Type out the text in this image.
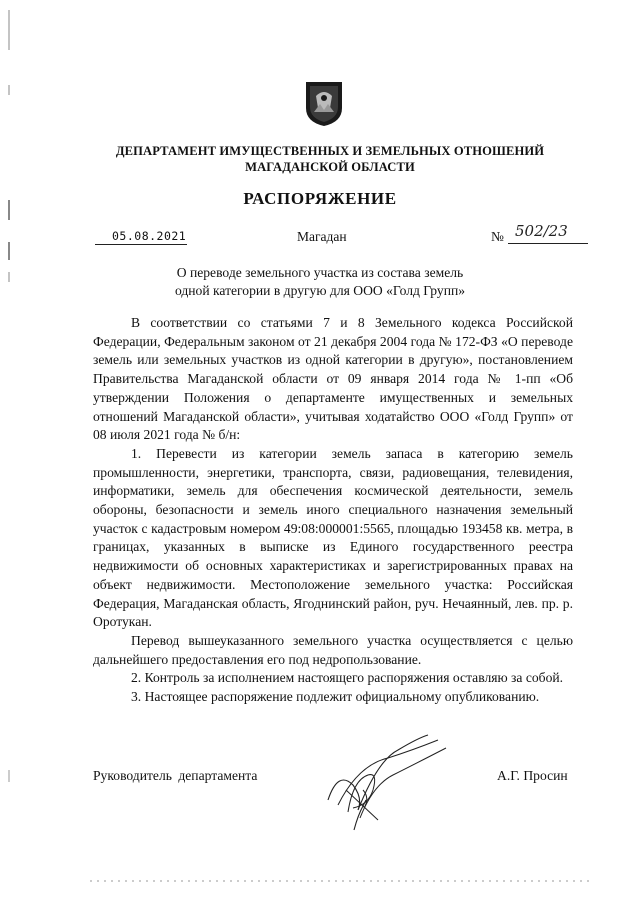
ДЕПАРТАМЕНТ ИМУЩЕСТВЕННЫХ И ЗЕМЕЛЬНЫХ ОТНОШЕНИЙ
МАГАДАНСКОЙ ОБЛАСТИ
РАСПОРЯЖЕНИЕ
05.08.2021	Магадан	№ 502/23
О переводе земельного участка из состава земель
одной категории в другую для ООО «Голд Групп»

В соответствии со статьями 7 и 8 Земельного кодекса Российской Федерации, Федеральным законом от 21 декабря 2004 года № 172-ФЗ «О переводе земель или земельных участков из одной категории в другую», постановлением Правительства Магаданской области от 09 января 2014 года № 1-пп «Об утверждении Положения о департаменте имущественных и земельных отношений Магаданской области», учитывая ходатайство ООО «Голд Групп» от 08 июля 2021 года № б/н:

1. Перевести из категории земель запаса в категорию земель промышленности, энергетики, транспорта, связи, радиовещания, телевидения, информатики, земель для обеспечения космической деятельности, земель обороны, безопасности и земель иного специального назначения земельный участок с кадастровым номером 49:08:000001:5565, площадью 193458 кв. метра, в границах, указанных в выписке из Единого государственного реестра недвижимости об основных характеристиках и зарегистрированных правах на объект недвижимости. Местоположение земельного участка: Российская Федерация, Магаданская область, Ягоднинский район, руч. Нечаянный, лев. пр. р. Оротукан.

Перевод вышеуказанного земельного участка осуществляется с целью дальнейшего предоставления его под недропользование.

2. Контроль за исполнением настоящего распоряжения оставляю за собой.

3. Настоящее распоряжение подлежит официальному опубликованию.

Руководитель департамента	А.Г. Просин
